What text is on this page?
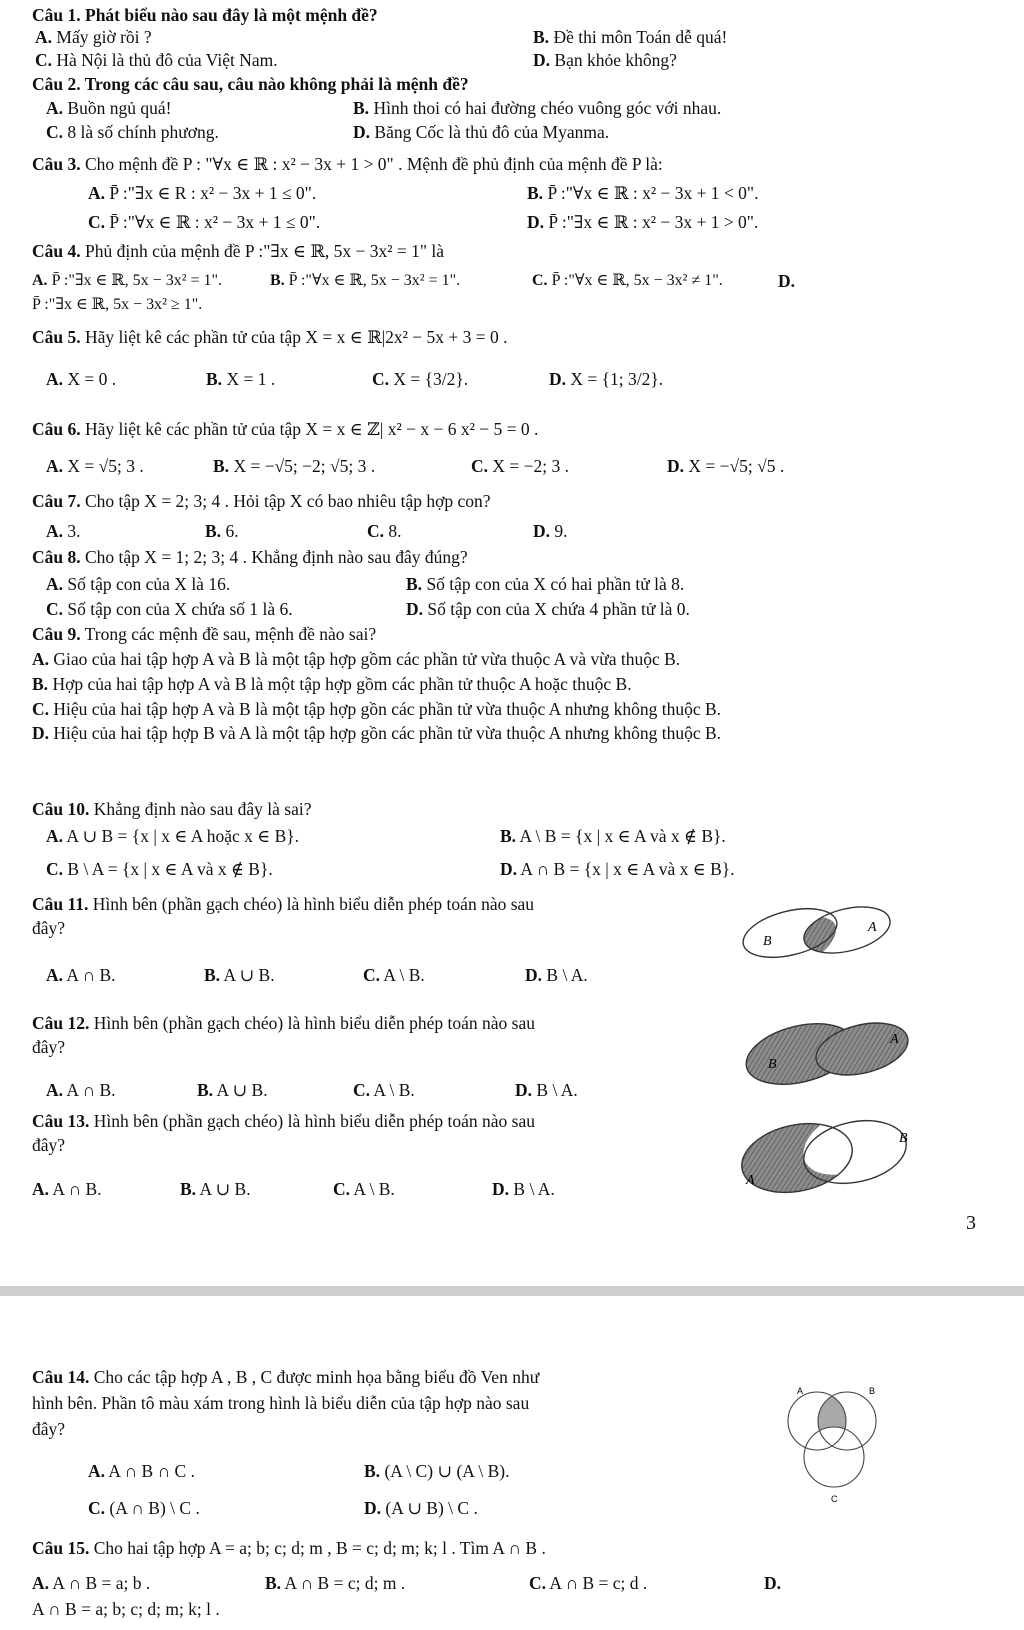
Câu 1. Phát biểu nào sau đây là một mệnh đề?
A. Mấy giờ rồi ?	B. Đề thi môn Toán dễ quá!
C. Hà Nội là thủ đô của Việt Nam.	D. Bạn khỏe không?
Câu 2. Trong các câu sau, câu nào không phải là mệnh đề?
A. Buồn ngủ quá!	B. Hình thoi có hai đường chéo vuông góc với nhau.
C. 8 là số chính phương.	D. Băng Cốc là thủ đô của Myanma.
Câu 3. Cho mệnh đề P : "∀x ∈ ℝ : x² − 3x + 1 > 0" . Mệnh đề phủ định của mệnh đề P là:
A. P̄ :"∃x ∈ R : x² − 3x + 1 ≤ 0".	B. P̄ :"∀x ∈ ℝ : x² − 3x + 1 < 0".
C. P̄ :"∀x ∈ ℝ : x² − 3x + 1 ≤ 0".	D. P̄ :"∃x ∈ ℝ : x² − 3x + 1 > 0".
Câu 4. Phủ định của mệnh đề P :"∃x ∈ ℝ, 5x − 3x² = 1" là
A. P̄ :"∃x ∈ ℝ, 5x − 3x² = 1".	B. P̄ :"∀x ∈ ℝ, 5x − 3x² = 1".	C. P̄ :"∀x ∈ ℝ, 5x − 3x² ≠ 1".	D.
P̄ :"∃x ∈ ℝ, 5x − 3x² ≥ 1".
Câu 5. Hãy liệt kê các phần tử của tập X = x ∈ ℝ|2x² − 5x + 3 = 0 .
A. X = 0 .	B. X = 1 .	C. X = {3/2}.	D. X = {1; 3/2}.
Câu 6. Hãy liệt kê các phần tử của tập X = x ∈ ℤ| x² − x − 6 x² − 5 = 0 .
A. X = √5; 3 .	B. X = −√5; −2; √5; 3 .	C. X = −2; 3 .	D. X = −√5; √5 .
Câu 7. Cho tập X = 2; 3; 4 . Hỏi tập X có bao nhiêu tập hợp con?
A. 3.	B. 6.	C. 8.	D. 9.
Câu 8. Cho tập X = 1; 2; 3; 4 . Khẳng định nào sau đây đúng?
A. Số tập con của X là 16.	B. Số tập con của X có hai phần tử là 8.
C. Số tập con của X chứa số 1 là 6.	D. Số tập con của X chứa 4 phần tử là 0.
Câu 9. Trong các mệnh đề sau, mệnh đề nào sai?
A. Giao của hai tập hợp A và B là một tập hợp gồm các phần tử vừa thuộc A và vừa thuộc B.
B. Hợp của hai tập hợp A và B là một tập hợp gồm các phần tử thuộc A hoặc thuộc B.
C. Hiệu của hai tập hợp A và B là một tập hợp gồn các phần tử vừa thuộc A nhưng không thuộc B.
D. Hiệu của hai tập hợp B và A là một tập hợp gồn các phần tử vừa thuộc A nhưng không thuộc B.
Câu 10. Khẳng định nào sau đây là sai?
A. A ∪ B = {x | x ∈ A hoặc x ∈ B}.	B. A \ B = {x | x ∈ A và x ∉ B}.
C. B \ A = {x | x ∈ A và x ∉ B}.	D. A ∩ B = {x | x ∈ A và x ∈ B}.
Câu 11. Hình bên (phần gạch chéo) là hình biểu diễn phép toán nào sau
đây?
A. A ∩ B.	B. A ∪ B.	C. A \ B.	D. B \ A.
B
A
Câu 12. Hình bên (phần gạch chéo) là hình biểu diễn phép toán nào sau
đây?
A. A ∩ B.	B. A ∪ B.	C. A \ B.	D. B \ A.
B
A
Câu 13. Hình bên (phần gạch chéo) là hình biểu diễn phép toán nào sau
đây?
A. A ∩ B.	B. A ∪ B.	C. A \ B.	D. B \ A.	A
B
3
Câu 14. Cho các tập hợp A , B , C được minh họa bằng biểu đồ Ven như
hình bên. Phần tô màu xám trong hình là biểu diễn của tập hợp nào sau
đây?
A. A ∩ B ∩ C .	B. (A \ C) ∪ (A \ B).
C. (A ∩ B) \ C .	D. (A ∪ B) \ C .
A	B
C
Câu 15. Cho hai tập hợp A = a; b; c; d; m , B = c; d; m; k; l . Tìm A ∩ B .
A. A ∩ B = a; b .	B. A ∩ B = c; d; m .	C. A ∩ B = c; d .	D.
A ∩ B = a; b; c; d; m; k; l .
